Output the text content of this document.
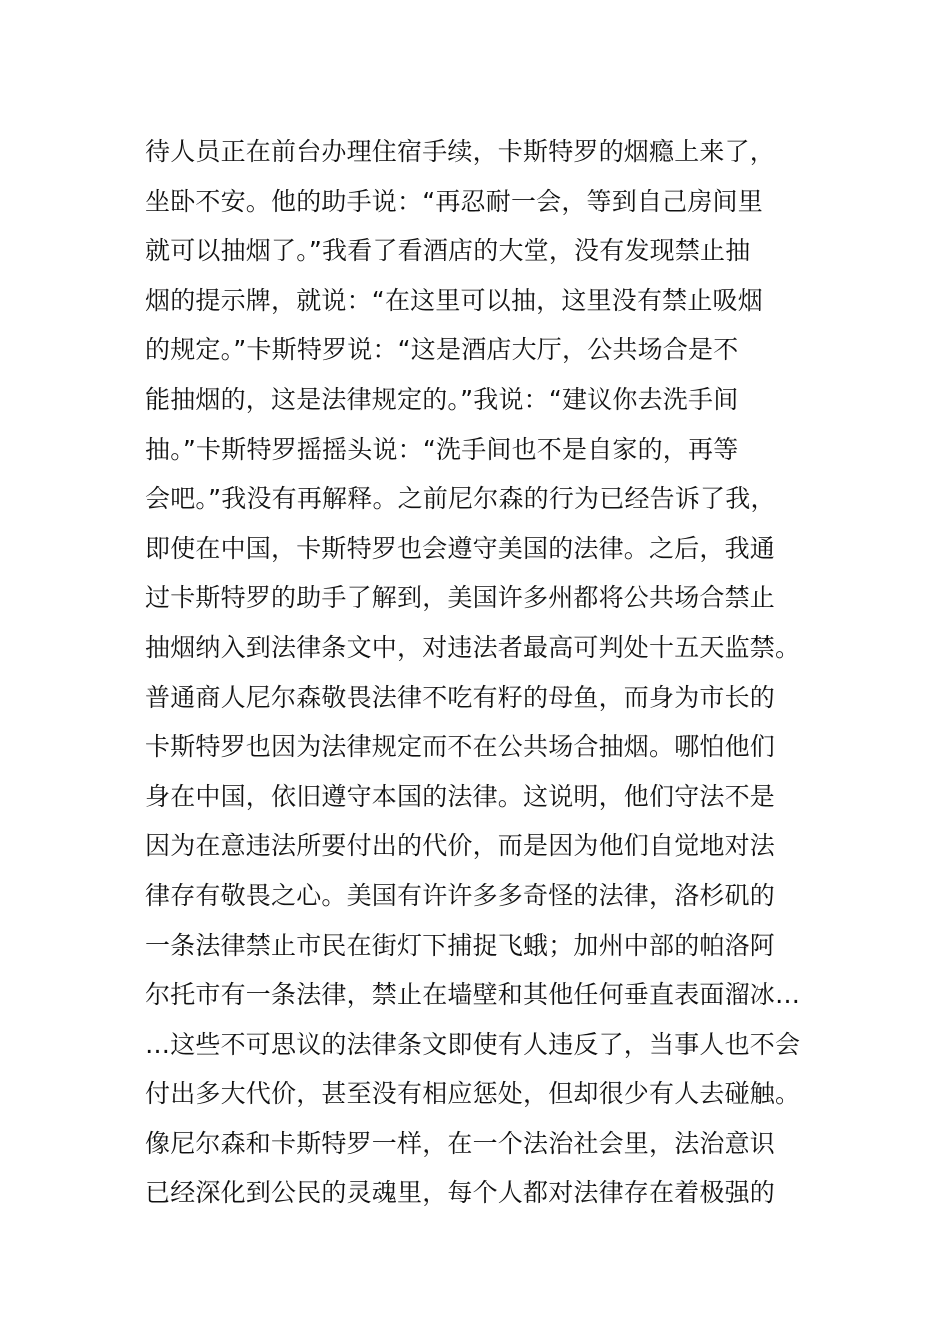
待人员正在前台办理住宿手续，卡斯特罗的烟瘾上来了，
坐卧不安。他的助手说：“再忍耐一会，等到自己房间里
就可以抽烟了。”我看了看酒店的大堂，没有发现禁止抽
烟的提示牌，就说：“在这里可以抽，这里没有禁止吸烟
的规定。”卡斯特罗说：“这是酒店大厅，公共场合是不
能抽烟的，这是法律规定的。”我说：“建议你去洗手间
抽。”卡斯特罗摇摇头说：“洗手间也不是自家的，再等
会吧。”我没有再解释。之前尼尔森的行为已经告诉了我，
即使在中国，卡斯特罗也会遵守美国的法律。之后，我通
过卡斯特罗的助手了解到，美国许多州都将公共场合禁止
抽烟纳入到法律条文中，对违法者最高可判处十五天监禁。
普通商人尼尔森敬畏法律不吃有籽的母鱼，而身为市长的
卡斯特罗也因为法律规定而不在公共场合抽烟。哪怕他们
身在中国，依旧遵守本国的法律。这说明，他们守法不是
因为在意违法所要付出的代价，而是因为他们自觉地对法
律存有敬畏之心。美国有许许多多奇怪的法律，洛杉矶的
一条法律禁止市民在街灯下捕捉飞蛾；加州中部的帕洛阿
尔托市有一条法律，禁止在墙壁和其他任何垂直表面溜冰…
…这些不可思议的法律条文即使有人违反了，当事人也不会
付出多大代价，甚至没有相应惩处，但却很少有人去碰触。
像尼尔森和卡斯特罗一样，在一个法治社会里，法治意识
已经深化到公民的灵魂里，每个人都对法律存在着极强的
